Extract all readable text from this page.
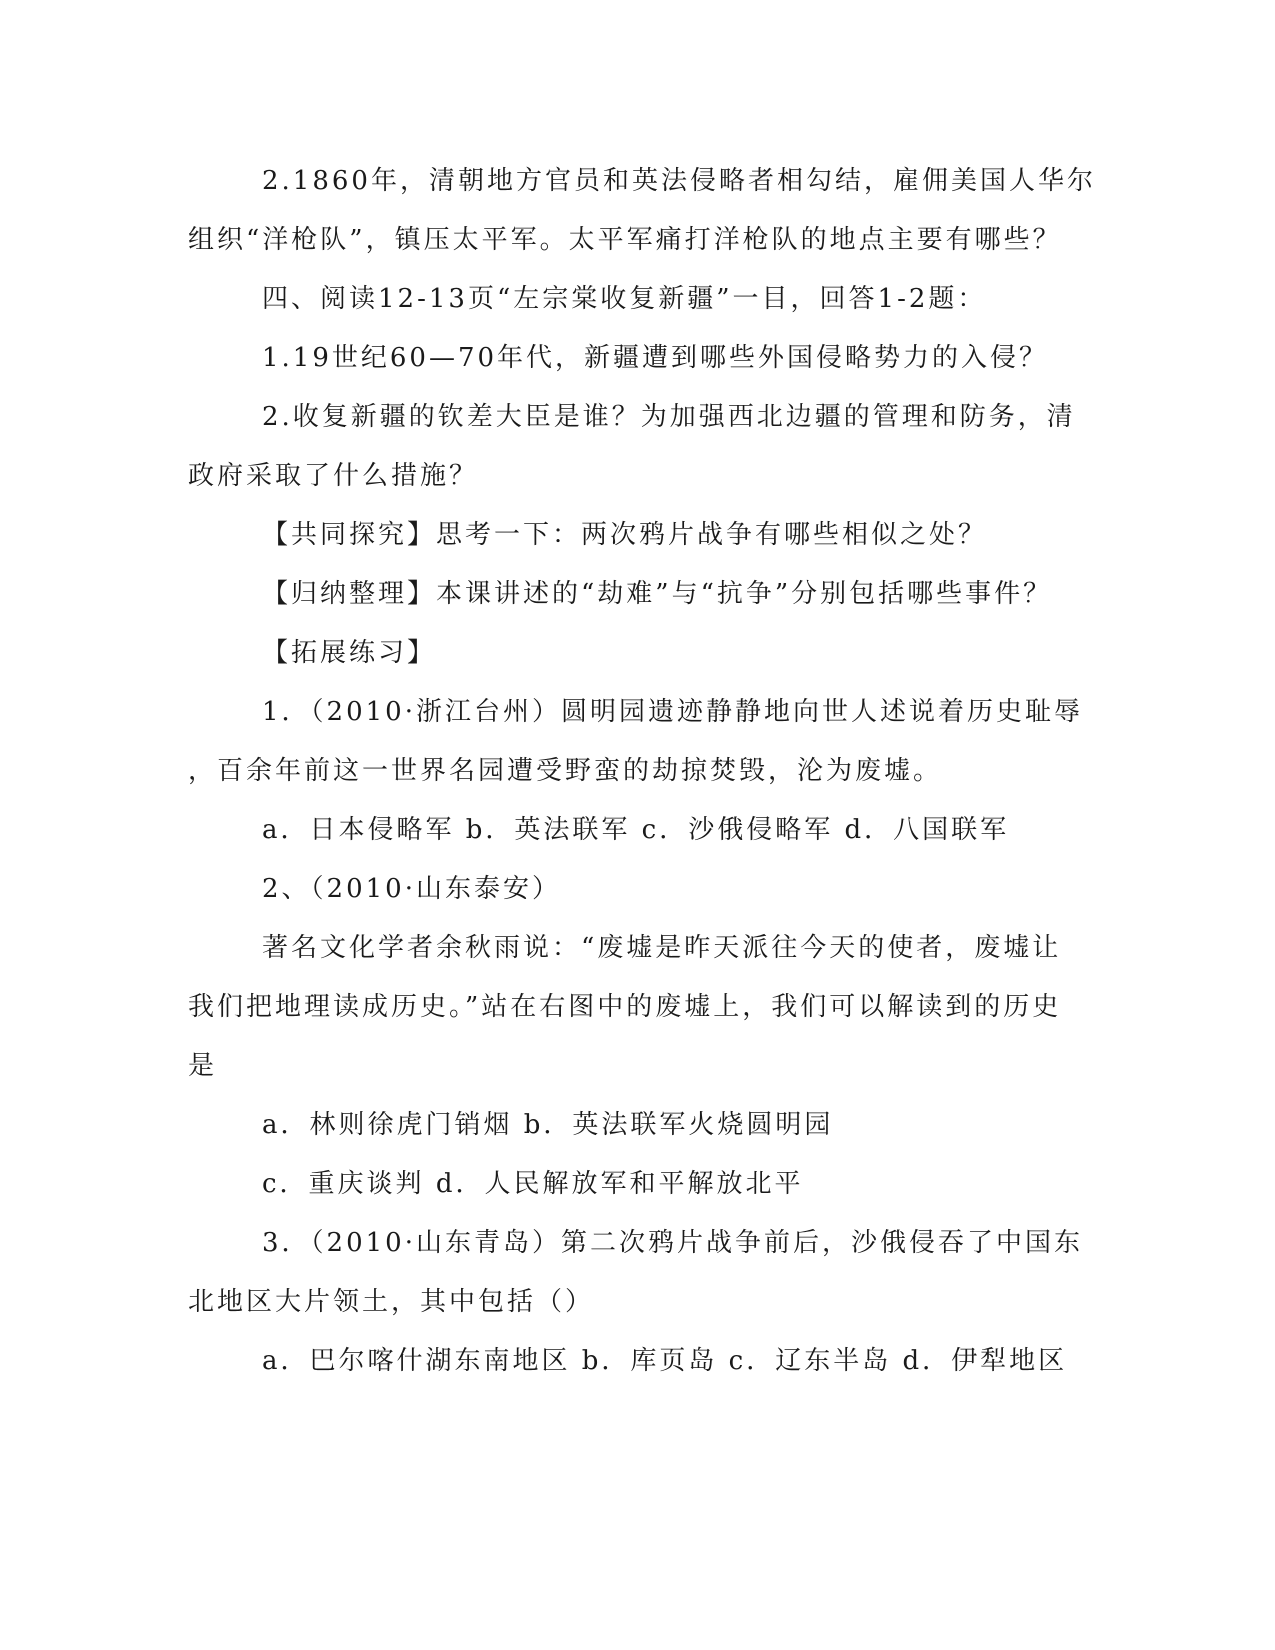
2.1860年，清朝地方官员和英法侵略者相勾结，雇佣美国人华尔
组织“洋枪队”，镇压太平军。太平军痛打洋枪队的地点主要有哪些？
四、阅读12-13页“左宗棠收复新疆”一目，回答1-2题：
1.19世纪60—70年代，新疆遭到哪些外国侵略势力的入侵？
2.收复新疆的钦差大臣是谁？为加强西北边疆的管理和防务，清
政府采取了什么措施？
【共同探究】思考一下：两次鸦片战争有哪些相似之处？
【归纳整理】本课讲述的“劫难”与“抗争”分别包括哪些事件？
【拓展练习】
1．（2010·浙江台州）圆明园遗迹静静地向世人述说着历史耻辱
，百余年前这一世界名园遭受野蛮的劫掠焚毁，沦为废墟。
a．日本侵略军 b．英法联军 c．沙俄侵略军 d．八国联军
2、（2010·山东泰安）
著名文化学者余秋雨说：“废墟是昨天派往今天的使者，废墟让
我们把地理读成历史。”站在右图中的废墟上，我们可以解读到的历史
是
a．林则徐虎门销烟 b．英法联军火烧圆明园
c．重庆谈判 d．人民解放军和平解放北平
3．（2010·山东青岛）第二次鸦片战争前后，沙俄侵吞了中国东
北地区大片领土，其中包括（）
a．巴尔喀什湖东南地区 b．库页岛 c．辽东半岛 d．伊犁地区
